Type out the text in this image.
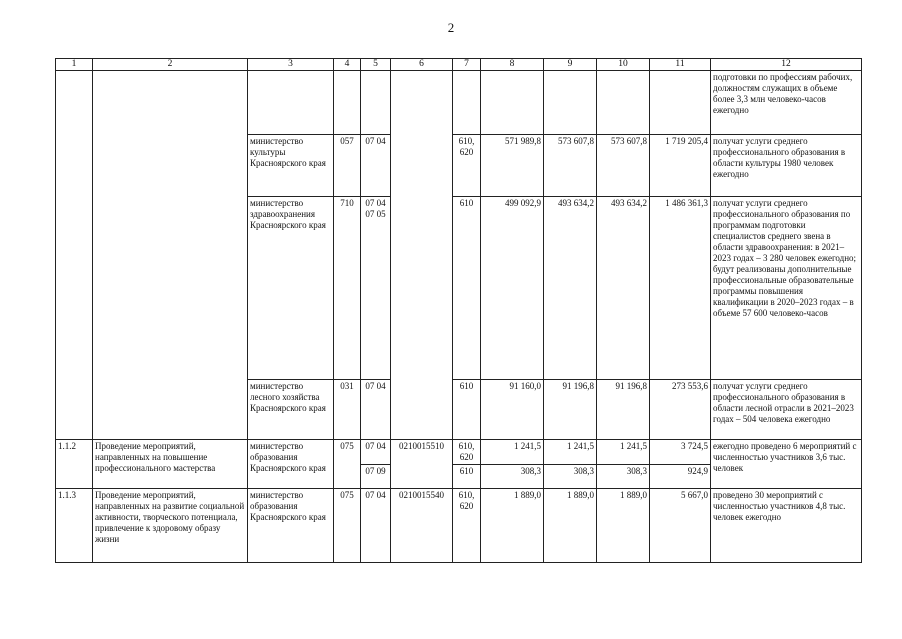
2
1	2	3	4	5	6	7	8	9	10	11	12
											подготовки по профессиям рабочих, должностям служащих в объеме более 3,3 млн человеко-часов ежегодно
		министерство культуры Красноярского края	057	07 04		610, 620	571 989,8	573 607,8	573 607,8	1 719 205,4	получат услуги среднего профессионального образования в области культуры 1980 человек ежегодно
		министерство здравоохранения Красноярского края	710	07 04 07 05		610	499 092,9	493 634,2	493 634,2	1 486 361,3	получат услуги среднего профессионального образования по программам подготовки специалистов среднего звена в области здравоохранения: в 2021–2023 годах – 3 280 человек ежегодно; будут реализованы дополнительные профессиональные образовательные программы повышения квалификации в 2020–2023 годах – в объеме 57 600 человеко-часов
		министерство лесного хозяйства Красноярского края	031	07 04		610	91 160,0	91 196,8	91 196,8	273 553,6	получат услуги среднего профессионального образования в области лесной отрасли в 2021–2023 годах – 504 человека ежегодно
1.1.2	Проведение мероприятий, направленных на повышение профессионального мастерства	министерство образования Красноярского края	075	07 04	0210015510	610, 620	1 241,5	1 241,5	1 241,5	3 724,5	ежегодно проведено 6 мероприятий с численностью участников 3,6 тыс. человек
				07 09		610	308,3	308,3	308,3	924,9	
1.1.3	Проведение мероприятий, направленных на развитие социальной активности, творческого потенциала, привлечение к здоровому образу жизни	министерство образования Красноярского края	075	07 04	0210015540	610, 620	1 889,0	1 889,0	1 889,0	5 667,0	проведено 30 мероприятий с численностью участников 4,8 тыс. человек ежегодно
